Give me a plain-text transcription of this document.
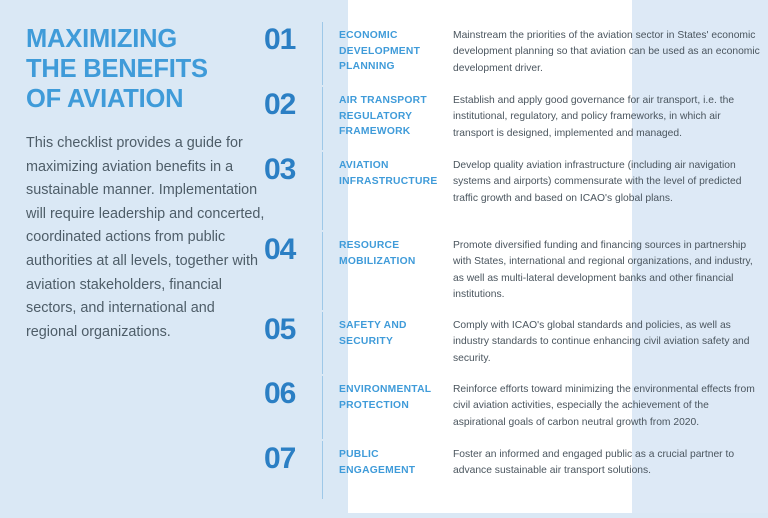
MAXIMIZING
THE BENEFITS
OF AVIATION

This checklist provides a guide for maximizing aviation benefits in a sustainable manner. Implementation will require leadership and concerted, coordinated actions from public authorities at all levels, together with aviation stakeholders, financial sectors, and international and regional organizations.

01	ECONOMIC DEVELOPMENT PLANNING
Mainstream the priorities of the aviation sector in States' economic development planning so that aviation can be used as an economic development driver.
02	AIR TRANSPORT REGULATORY FRAMEWORK
Establish and apply good governance for air transport, i.e. the institutional, regulatory, and policy frameworks, in which air transport is designed, implemented and managed.
03	AVIATION INFRASTRUCTURE
Develop quality aviation infrastructure (including air navigation systems and airports) commensurate with the level of predicted traffic growth and based on ICAO's global plans.
04	RESOURCE MOBILIZATION
Promote diversified funding and financing sources in partnership with States, international and regional organizations, and industry, as well as multi-lateral development banks and other financial institutions.
05	SAFETY AND SECURITY
Comply with ICAO's global standards and policies, as well as industry standards to continue enhancing civil aviation safety and security.
06	ENVIRONMENTAL PROTECTION
Reinforce efforts toward minimizing the environmental effects from civil aviation activities, especially the achievement of the aspirational goals of carbon neutral growth from 2020.
07	PUBLIC ENGAGEMENT
Foster an informed and engaged public as a crucial partner to advance sustainable air transport solutions.
